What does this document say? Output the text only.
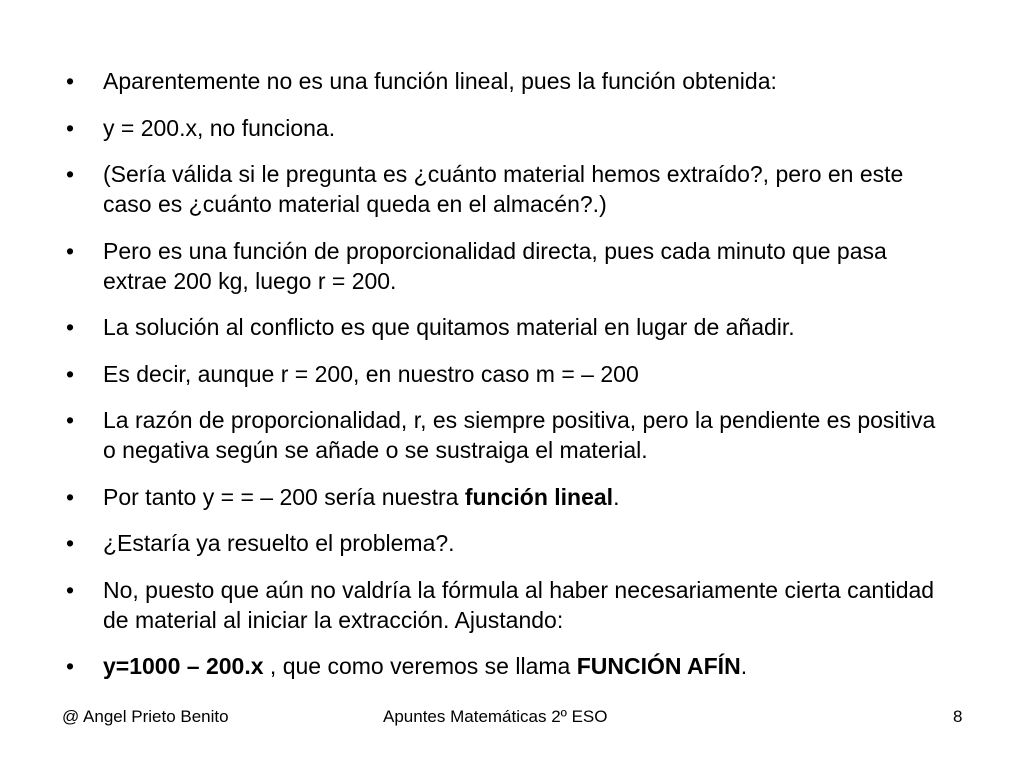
• Aparentemente no es una función lineal, pues la función obtenida:
• y = 200.x, no funciona.
• (Sería válida si le pregunta es ¿cuánto material hemos extraído?, pero en este caso es ¿cuánto material queda en el almacén?.)
• Pero es una función de proporcionalidad directa, pues cada minuto que pasa extrae 200 kg, luego r = 200.
• La solución al conflicto es que quitamos material en lugar de añadir.
• Es decir, aunque r = 200, en nuestro caso m = – 200
• La razón de proporcionalidad, r, es siempre positiva, pero la pendiente es positiva o negativa según se añade o se sustraiga el material.
• Por tanto y = = – 200 sería nuestra función lineal.
• ¿Estaría ya resuelto el problema?.
• No, puesto que aún no valdría la fórmula al haber necesariamente cierta cantidad de material al iniciar la extracción. Ajustando:
• y=1000 – 200.x , que como veremos se llama FUNCIÓN AFÍN.
@ Angel Prieto Benito	Apuntes Matemáticas 2º ESO	8
